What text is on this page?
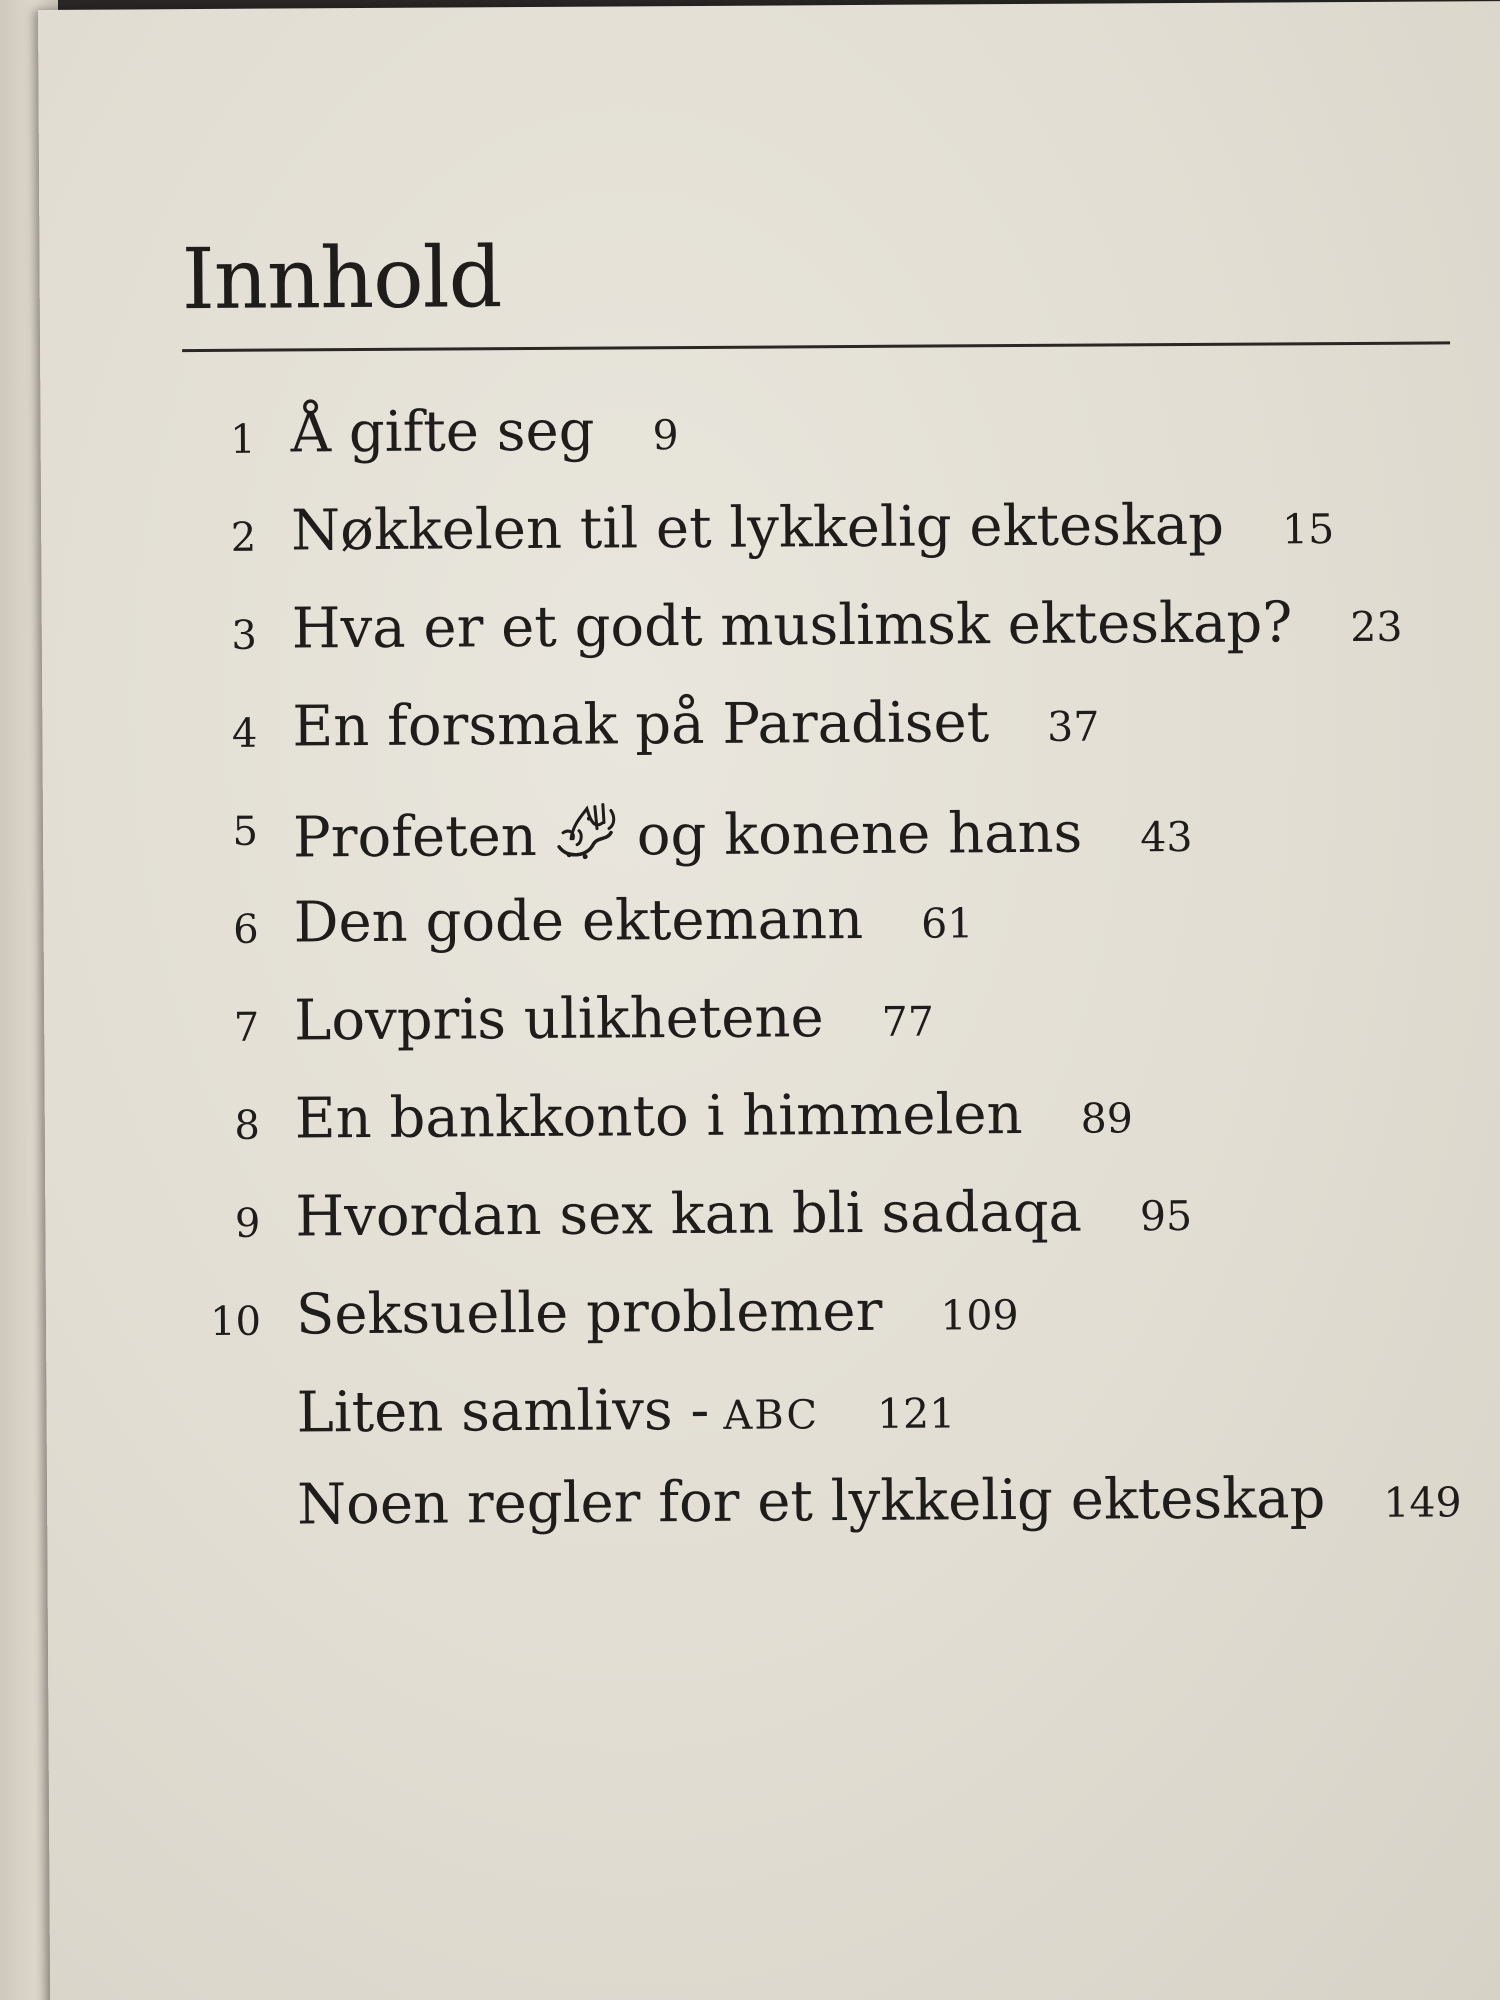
Innhold
1 Å gifte seg 9
2 Nøkkelen til et lykkelig ekteskap 15
3 Hva er et godt muslimsk ekteskap? 23
4 En forsmak på Paradiset 37
5 Profeten og konene hans 43
6 Den gode ektemann 61
7 Lovpris ulikhetene 77
8 En bankkonto i himmelen 89
9 Hvordan sex kan bli sadaqa 95
10 Seksuelle problemer 109
Liten samlivs - ABC 121
Noen regler for et lykkelig ekteskap 149
